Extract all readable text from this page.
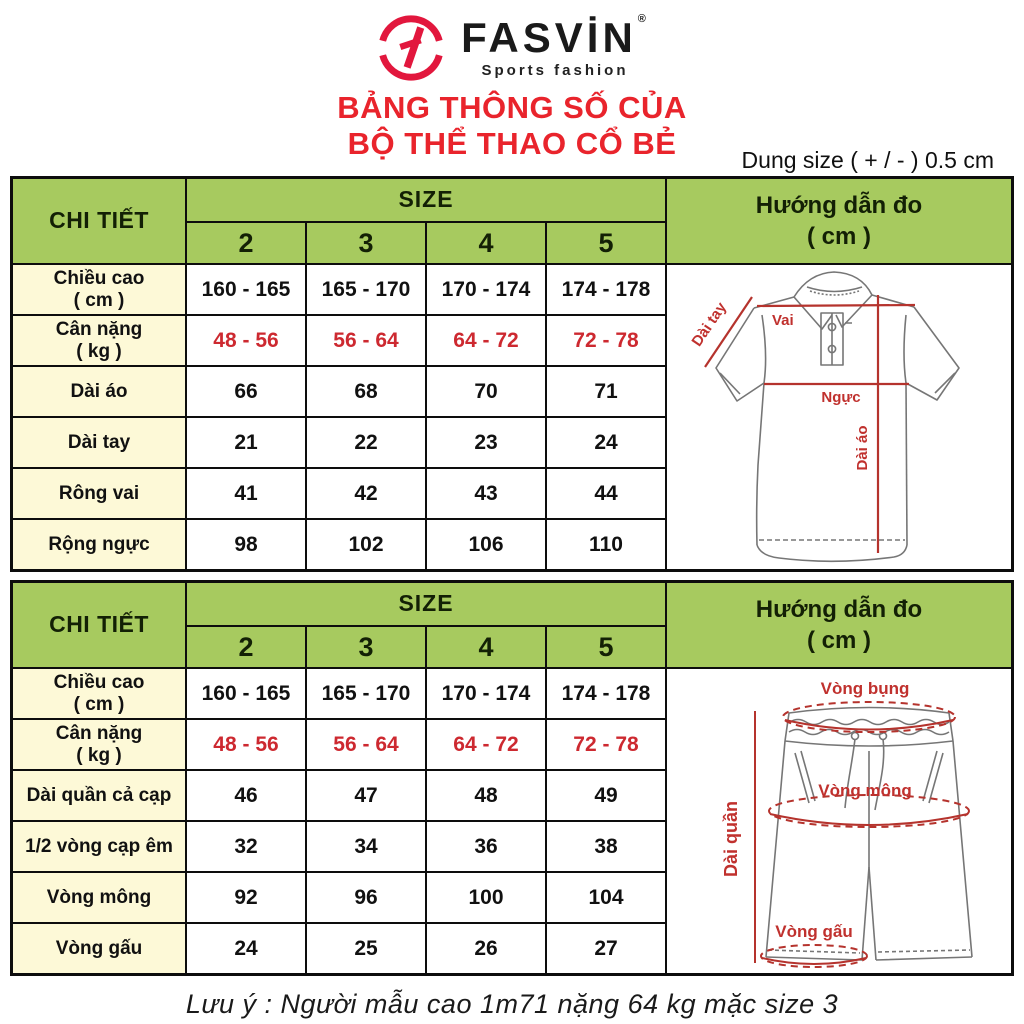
FASVİN®
Sports fashion
BẢNG THÔNG SỐ CỦA
BỘ THỂ THAO CỔ BẺ	Dung size ( + / - ) 0.5 cm
CHI TIẾT
SIZE	Hướng dẫn đo
( cm )
Vai
Dài tay
Ngực
Dài áo
2	3	4	5
Chiều cao
( cm )	160 - 165	165 - 170	170 - 174	174 - 178
Cân nặng
( kg )	48 - 56	56 - 64	64 - 72	72 - 78
Dài áo	66	68	70	71
Dài tay	21	22	23	24
Rông vai	41	42	43	44
Rộng ngực	98	102	106	110
CHI TIẾT
SIZE	Hướng dẫn đo
( cm )
Vòng bụng
Vòng mông
Dài quần
Vòng gấu
2	3	4	5
Chiều cao
( cm )	160 - 165	165 - 170	170 - 174	174 - 178
Cân nặng
( kg )	48 - 56	56 - 64	64 - 72	72 - 78
Dài quần cả cạp	46	47	48	49
1/2 vòng cạp êm	32	34	36	38
Vòng mông	92	96	100	104
Vòng gấu	24	25	26	27
Lưu ý : Người mẫu cao 1m71 nặng 64 kg mặc size 3
